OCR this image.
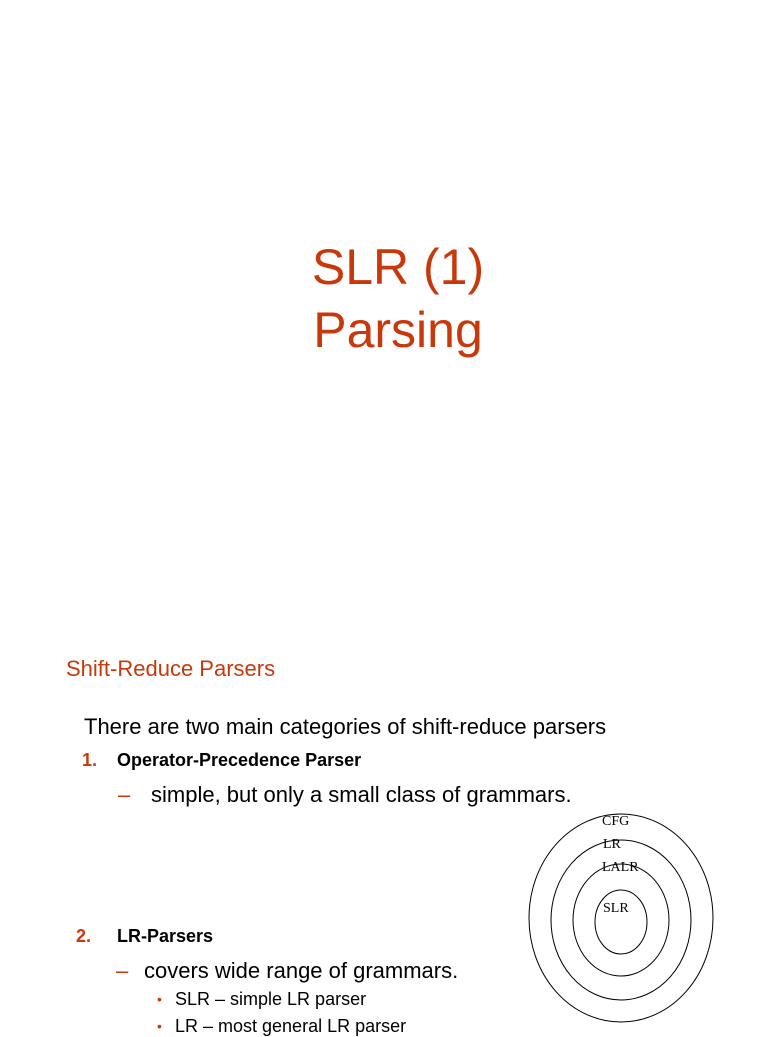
SLR (1)
Parsing
Shift-Reduce Parsers
There are two main categories of shift-reduce parsers
1. Operator-Precedence Parser
– simple, but only a small class of grammars.
2. LR-Parsers
– covers wide range of grammars.
• SLR – simple LR parser
• LR – most general LR parser
CFG
LR
LALR
SLR
